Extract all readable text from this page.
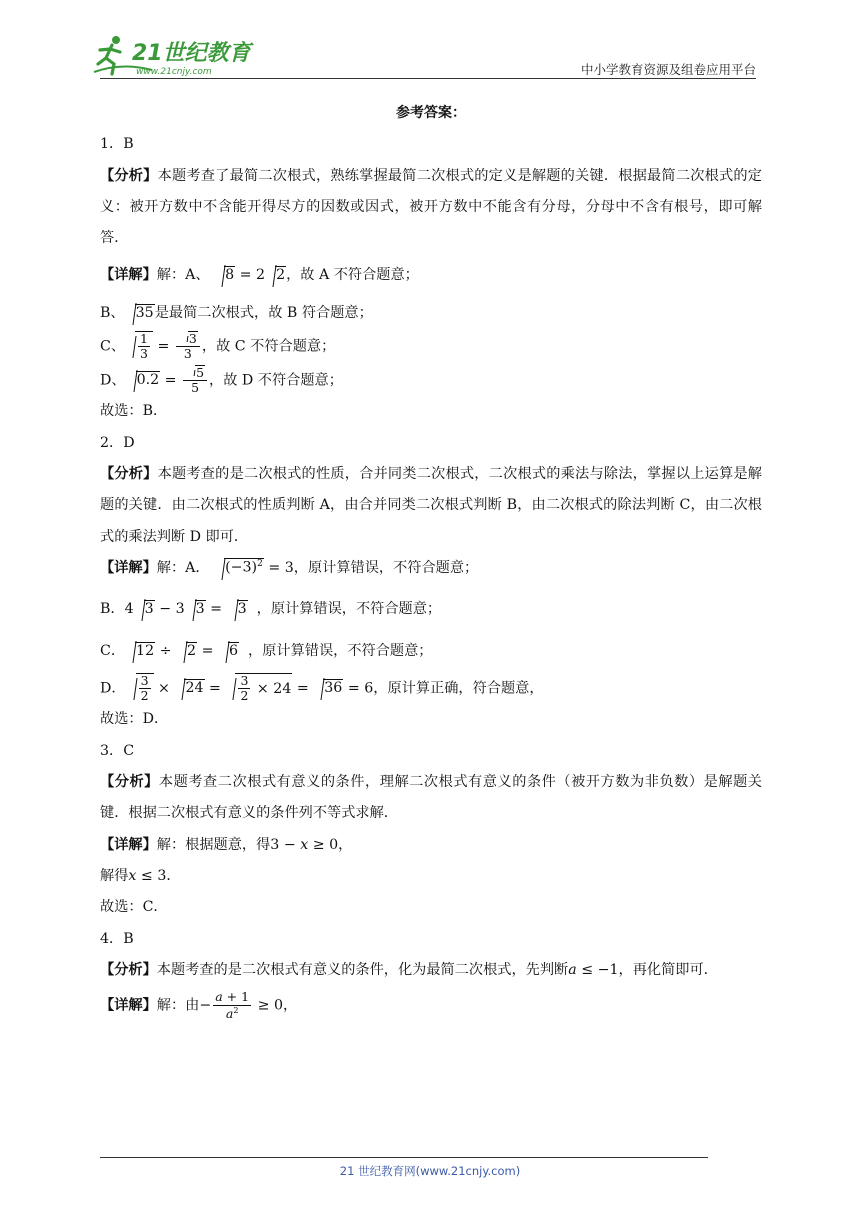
21世纪教育
www.21cnjy.com	中小学教育资源及组卷应用平台
参考答案：
1．B
【分析】本题考查了最简二次根式，熟练掌握最简二次根式的定义是解题的关键．根据最简二次根式的定义：被开方数中不含能开得尽方的因数或因式，被开方数中不能含有分母，分母中不含有根号，即可解答．
【详解】解：A、 8 = 2 2，故 A 不符合题意；
B、 35是最简二次根式，故 B 符合题意；
C、 $\frac{1}{3} = \frac{3}{3}$ ，故 C 不符合题意；
D、 $0.2 = \frac{5}{5}$ ，故 D 不符合题意；
故选：B．
2．D
【分析】本题考查的是二次根式的性质，合并同类二次根式，二次根式的乘法与除法，掌握以上运算是解题的关键．由二次根式的性质判断 A，由合并同类二次根式判断 B，由二次根式的除法判断 C，由二次根式的乘法判断 D 即可．
【详解】解：A． $(-3)^2 = 3$，原计算错误，不符合题意；
B．4 3 − 3 3 = 3 ，原计算错误，不符合题意；
C． 12 ÷ 2 = 6 ，原计算错误，不符合题意；
D． $\frac{3}{2} \times 24 = \frac{3}{2} \times 24 = 36 = 6$，原计算正确，符合题意，
故选：D．
3．C
【分析】本题考查二次根式有意义的条件，理解二次根式有意义的条件（被开方数为非负数）是解题关键．根据二次根式有意义的条件列不等式求解．
【详解】解：根据题意，得3 − x ≥ 0，
解得x ≤ 3．
故选：C．
4．B
【分析】本题考查的是二次根式有意义的条件，化为最简二次根式，先判断a ≤ −1，再化简即可．
【详解】解：由− $\frac{a + 1}{a^2} \ge 0$，
21 世纪教育网(www.21cnjy.com)
